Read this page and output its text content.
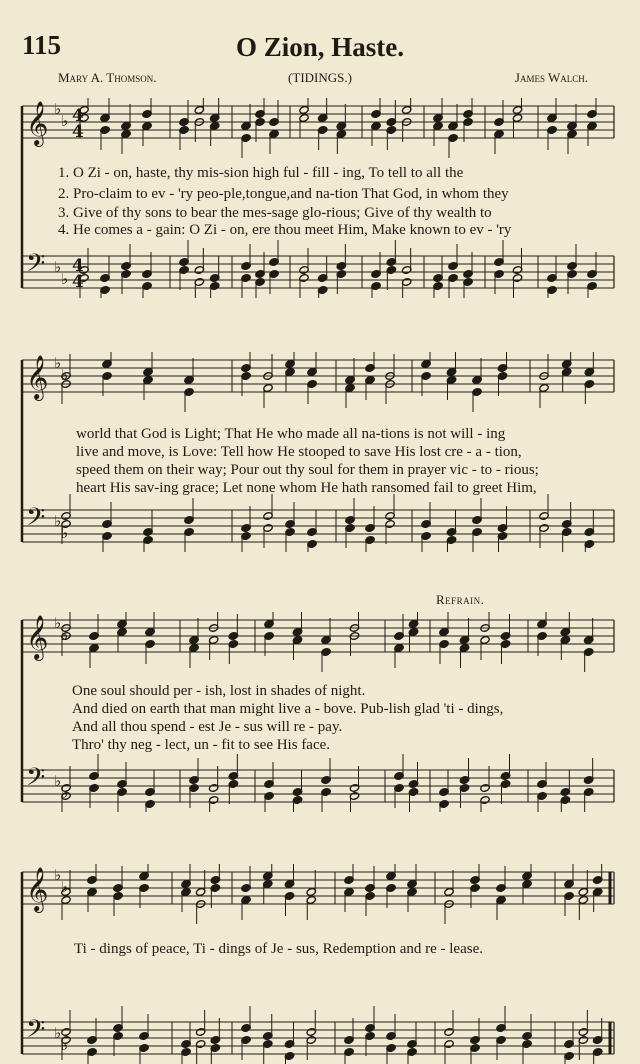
115	O Zion, Haste.
Mary A. Thomson.	(TIDINGS.)	James Walch.
𝄞 ♭
♭ 4
4
𝄢 ♭
♭
4
4
1. O Zi - on, haste, thy mis-sion high ful - fill - ing, To tell to all the
2. Pro-claim to ev - 'ry peo-ple,tongue,and na-tion That God, in whom they
3. Give of thy sons to bear the mes-sage glo-rious; Give of thy wealth to
4. He comes a - gain: O Zi - on, ere thou meet Him, Make known to ev - 'ry
𝄞 ♭
♭
𝄢 ♭
♭
world that God is Light; That He who made all na-tions is not will - ing
live and move, is Love: Tell how He stooped to save His lost cre - a - tion,
speed them on their way; Pour out thy soul for them in prayer vic - to - rious;
heart His sav-ing grace; Let none whom He hath ransomed fail to greet Him,
Refrain.
𝄞 ♭
♭
𝄢 ♭
♭
One soul should per - ish, lost in shades of night.
And died on earth that man might live a - bove. Pub-lish glad 'ti - dings,
And all thou spend - est Je - sus will re - pay.
Thro' thy neg - lect, un - fit to see His face.
𝄞 ♭
♭
𝄢 ♭
♭
Ti - dings of peace, Ti - dings of Je - sus, Redemption and re - lease.
